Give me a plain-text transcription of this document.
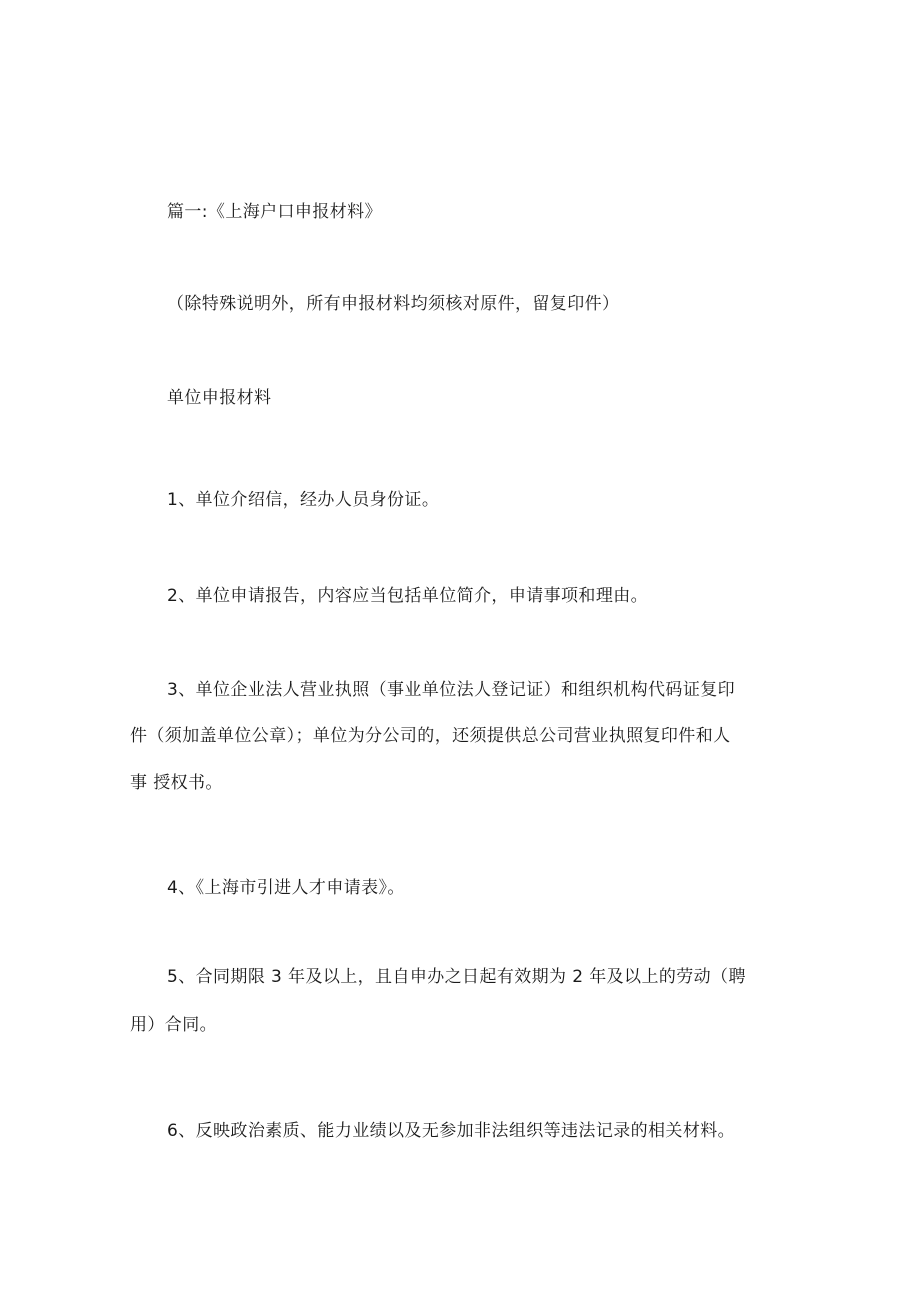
篇一:《上海户口申报材料》
（除特殊说明外，所有申报材料均须核对原件，留复印件）
单位申报材料
1、单位介绍信，经办人员身份证。
2、单位申请报告，内容应当包括单位简介，申请事项和理由。
3、单位企业法人营业执照（事业单位法人登记证）和组织机构代码证复印
件（须加盖单位公章）；单位为分公司的，还须提供总公司营业执照复印件和人
事 授权书。
4、《上海市引进人才申请表》。
5、合同期限 3 年及以上，且自申办之日起有效期为 2 年及以上的劳动（聘
用）合同。
6、反映政治素质、能力业绩以及无参加非法组织等违法记录的相关材料。
